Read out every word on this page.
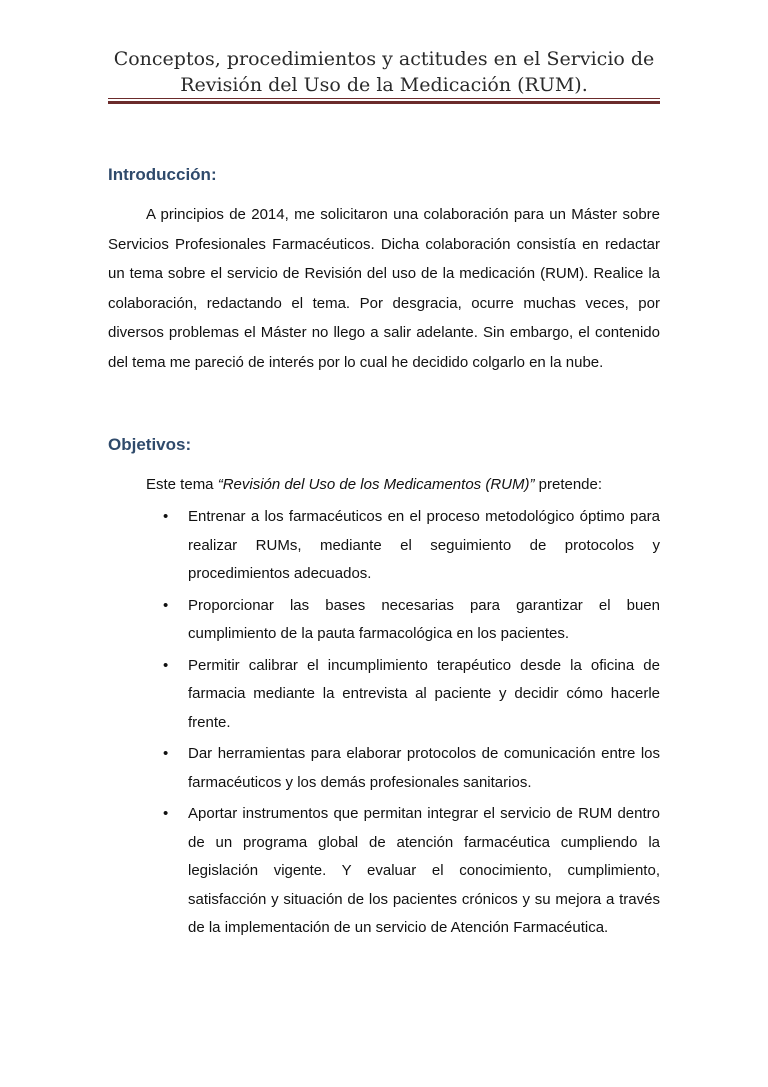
Conceptos, procedimientos y actitudes en el Servicio de
Revisión del Uso de la Medicación (RUM).
Introducción:

A principios de 2014, me solicitaron una colaboración para un Máster sobre Servicios Profesionales Farmacéuticos. Dicha colaboración consistía en redactar un tema sobre el servicio de Revisión del uso de la medicación (RUM). Realice la colaboración, redactando el tema. Por desgracia, ocurre muchas veces, por diversos problemas el Máster no llego a salir adelante. Sin embargo, el contenido del tema me pareció de interés por lo cual he decidido colgarlo en la nube.

Objetivos:

Este tema “Revisión del Uso de los Medicamentos (RUM)” pretende:

• Entrenar a los farmacéuticos en el proceso metodológico óptimo para realizar RUMs, mediante el seguimiento de protocolos y procedimientos adecuados.
• Proporcionar las bases necesarias para garantizar el buen cumplimiento de la pauta farmacológica en los pacientes.
• Permitir calibrar el incumplimiento terapéutico desde la oficina de farmacia mediante la entrevista al paciente y decidir cómo hacerle frente.
• Dar herramientas para elaborar protocolos de comunicación entre los farmacéuticos y los demás profesionales sanitarios.
• Aportar instrumentos que permitan integrar el servicio de RUM dentro de un programa global de atención farmacéutica cumpliendo la legislación vigente. Y evaluar el conocimiento, cumplimiento, satisfacción y situación de los pacientes crónicos y su mejora a través de la implementación de un servicio de Atención Farmacéutica.
